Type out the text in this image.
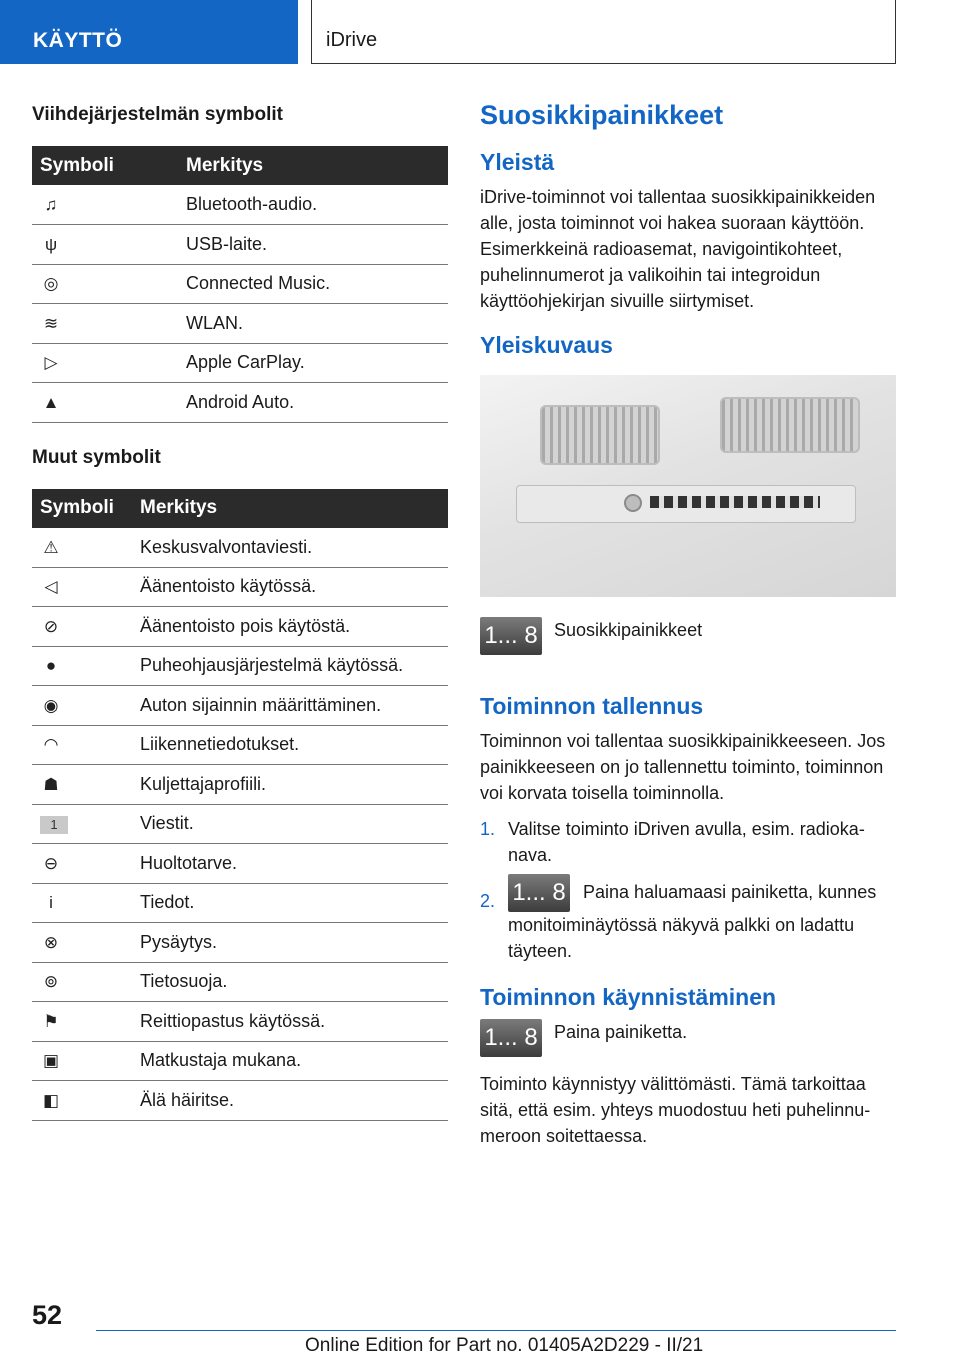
KÄYTTÖ	iDrive
Viihdejärjestelmän symbolit
Symboli	Merkitys
♫	Bluetooth-audio.
ψ	USB-laite.
◎	Connected Music.
≋	WLAN.
▷	Apple CarPlay.
▲	Android Auto.
Muut symbolit
Symboli	Merkitys
⚠	Keskusvalvontaviesti.
◁	Äänentoisto käytössä.
⊘	Äänentoisto pois käytöstä.
●	Puheohjausjärjestelmä käytössä.
◉	Auton sijainnin määrittäminen.
◠	Liikennetiedotukset.
☗	Kuljettajaprofiili.
1	Viestit.
⊖	Huoltotarve.
i	Tiedot.
⊗	Pysäytys.
⊚	Tietosuoja.
⚑	Reittiopastus käytössä.
▣	Matkustaja mukana.
◧	Älä häiritse.
Suosikkipainikkeet
Yleistä
iDrive-toiminnot voi tallentaa suosikkipainikkeiden alle, josta toiminnot voi hakea suoraan käyttöön. Esimerkkeinä radioasemat, navigointikohteet, puhelinnumerot ja valikoihin tai integroidun käyttöohjekirjan sivuille siirtymiset.
Yleiskuvaus
1... 8 Suosikkipainikkeet
Toiminnon tallennus
Toiminnon voi tallentaa suosikkipainikkeeseen. Jos painikkeeseen on jo tallennettu toiminto, toiminnon voi korvata toisella toiminnolla.
1. Valitse toiminto iDriven avulla, esim. radiokanava.
2. 1... 8 Paina haluamaasi painiketta, kunnes monitoiminäytössä näkyvä palkki on ladattu täyteen.
Toiminnon käynnistäminen
1... 8 Paina painiketta.
Toiminto käynnistyy välittömästi. Tämä tarkoittaa sitä, että esim. yhteys muodostuu heti puhelinnumeroon soitettaessa.
52
Online Edition for Part no. 01405A2D229 - II/21
